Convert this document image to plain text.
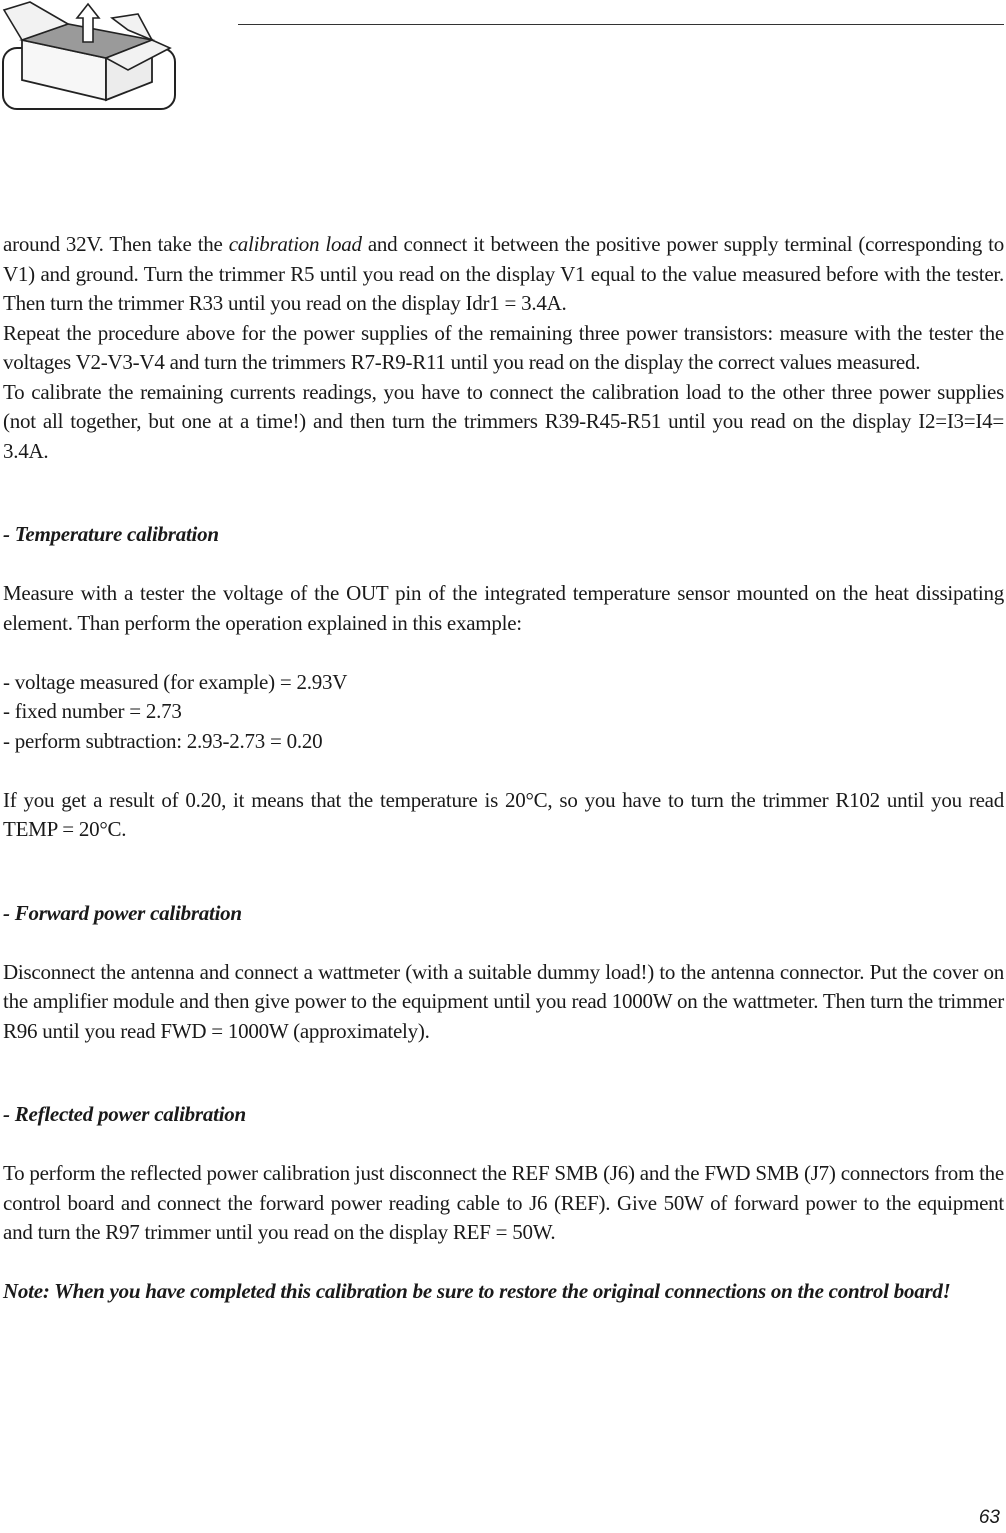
around 32V. Then take the calibration load and connect it between the positive power supply terminal (corresponding to V1) and ground. Turn the trimmer R5 until you read on the display V1 equal to the value measured before with the tester. Then turn the trimmer R33 until you read on the display Idr1 = 3.4A.

Repeat the procedure above for the power supplies of the remaining three power transistors: measure with the tester the voltages V2-V3-V4 and turn the trimmers R7-R9-R11 until you read on the display the correct values measured.

To calibrate the remaining currents readings, you have to connect the calibration load to the other three power supplies (not all together, but one at a time!) and then turn the trimmers R39-R45-R51 until you read on the display I2=I3=I4= 3.4A.

- Temperature calibration

Measure with a tester the voltage of the OUT pin of the integrated temperature sensor mounted on the heat dissipating element. Than perform the operation explained in this example:

- voltage measured (for example) = 2.93V

- fixed number = 2.73

- perform subtraction: 2.93-2.73 = 0.20

If you get a result of 0.20, it means that the temperature is 20°C, so you have to turn the trimmer R102 until you read TEMP = 20°C.

- Forward power calibration

Disconnect the antenna and connect a wattmeter (with a suitable dummy load!) to the antenna connector. Put the cover on the amplifier module and then give power to the equipment until you read 1000W on the wattmeter. Then turn the trimmer R96 until you read FWD = 1000W (approximately).

- Reflected power calibration

To perform the reflected power calibration just disconnect the REF SMB (J6) and the FWD SMB (J7) connectors from the control board and connect the forward power reading cable to J6 (REF). Give 50W of forward power to the equipment and turn the R97 trimmer until you read on the display REF = 50W.

Note: When you have completed this calibration be sure to restore the original connections on the control board!

63
